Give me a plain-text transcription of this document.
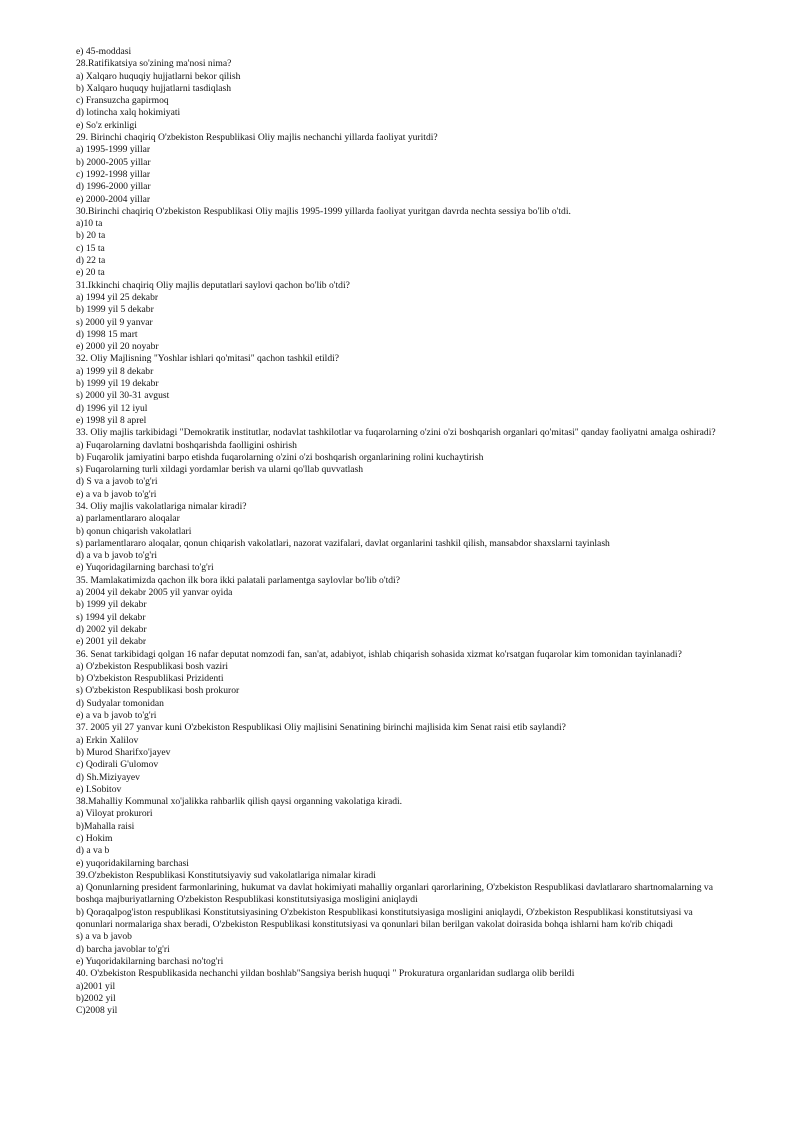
e) 45-moddasi
28.Ratifikatsiya so'zining ma'nosi nima?
a) Xalqaro huquqiy hujjatlarni bekor qilish
b) Xalqaro huquqy hujjatlarni tasdiqlash
c) Fransuzcha gapirmoq
d) lotincha xalq hokimiyati
e) So'z erkinligi
29. Birinchi chaqiriq O'zbekiston Respublikasi Oliy majlis nechanchi yillarda faoliyat yuritdi?
a) 1995-1999 yillar
b) 2000-2005 yillar
c) 1992-1998 yillar
d) 1996-2000 yillar
e) 2000-2004 yillar
30.Birinchi chaqiriq O'zbekiston Respublikasi Oliy majlis 1995-1999 yillarda faoliyat yuritgan davrda nechta sessiya bo'lib o'tdi.
a)10 ta
b) 20 ta
c) 15 ta
d) 22 ta
e) 20 ta
31.Ikkinchi chaqiriq Oliy majlis deputatlari saylovi qachon bo'lib o'tdi?
a) 1994 yil 25 dekabr
b) 1999 yil 5 dekabr
s) 2000 yil 9 yanvar
d) 1998 15 mart
e) 2000 yil 20 noyabr
32. Oliy Majlisning "Yoshlar ishlari qo'mitasi" qachon tashkil etildi?
a) 1999 yil 8 dekabr
b) 1999 yil 19 dekabr
s) 2000 yil 30-31 avgust
d) 1996 yil 12 iyul
e) 1998 yil 8 aprel
33. Oliy majlis tarkibidagi "Demokratik institutlar, nodavlat tashkilotlar va fuqarolarning o'zini o'zi boshqarish organlari qo'mitasi" qanday faoliyatni amalga oshiradi?
a) Fuqarolarning davlatni boshqarishda faolligini oshirish
b) Fuqarolik jamiyatini barpo etishda fuqarolarning o'zini o'zi boshqarish organlarining rolini kuchaytirish
s) Fuqarolarning turli xildagi yordamlar berish va ularni qo'llab quvvatlash
d) S va a javob to'g'ri
e) a va b javob to'g'ri
34. Oliy majlis vakolatlariga nimalar kiradi?
a) parlamentlararo aloqalar
b) qonun chiqarish vakolatlari
s) parlamentlararo aloqalar, qonun chiqarish vakolatlari, nazorat vazifalari, davlat organlarini tashkil qilish, mansabdor shaxslarni tayinlash
d) a va b javob to'g'ri
e) Yuqoridagilarning barchasi to'g'ri
35. Mamlakatimizda qachon ilk bora ikki palatali parlamentga saylovlar bo'lib o'tdi?
a) 2004 yil dekabr 2005 yil yanvar oyida
b) 1999 yil dekabr
s) 1994 yil dekabr
d) 2002 yil dekabr
e) 2001 yil dekabr
36. Senat tarkibidagi qolgan 16 nafar deputat nomzodi fan, san'at, adabiyot, ishlab chiqarish sohasida xizmat ko'rsatgan fuqarolar kim tomonidan tayinlanadi?
a) O'zbekiston Respublikasi bosh vaziri
b) O'zbekiston Respublikasi Prizidenti
s) O'zbekiston Respublikasi bosh prokuror
d) Sudyalar tomonidan
e) a va b javob to'g'ri
37. 2005 yil 27 yanvar kuni O'zbekiston Respublikasi Oliy majlisini Senatining birinchi majlisida kim Senat raisi etib saylandi?
a) Erkin Xalilov
b) Murod Sharifxo'jayev
c) Qodirali G'ulomov
d) Sh.Miziyayev
e) I.Sobitov
38.Mahalliy Kommunal xo'jalikka rahbarlik qilish qaysi organning vakolatiga kiradi.
a) Viloyat prokurori
b)Mahalla raisi
c) Hokim
d) a va b
e) yuqoridakilarning barchasi
39.O'zbekiston Respublikasi Konstitutsiyaviy sud vakolatlariga nimalar kiradi
a) Qonunlarning president farmonlarining, hukumat va davlat hokimiyati mahalliy organlari qarorlarining, O'zbekiston Respublikasi davlatlararo shartnomalarning va boshqa majburiyatlarning O'zbekiston Respublikasi konstitutsiyasiga mosligini aniqlaydi
b) Qoraqalpog'iston respublikasi Konstitutsiyasining O'zbekiston Respublikasi konstitutsiyasiga mosligini aniqlaydi, O'zbekiston Respublikasi konstitutsiyasi va qonunlari normalariga shax beradi, O'zbekiston Respublikasi konstitutsiyasi va qonunlari bilan berilgan vakolat doirasida bohqa ishlarni ham ko'rib chiqadi
s) a va b javob
d) barcha javoblar to'g'ri
e) Yuqoridakilarning barchasi no'tog'ri
40. O'zbekiston Respublikasida nechanchi yildan boshlab"Sangsiya berish huquqi " Prokuratura organlaridan sudlarga olib berildi
a)2001 yil
b)2002 yil
C)2008 yil
